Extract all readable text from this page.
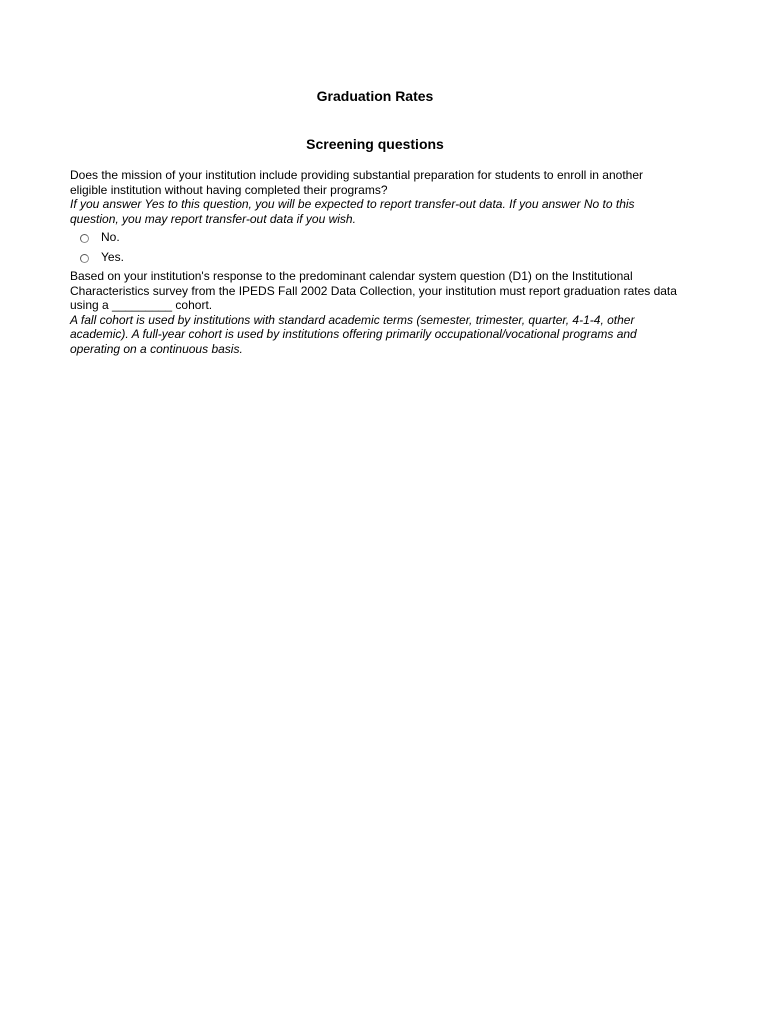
Graduation Rates
Screening questions

Does the mission of your institution include providing substantial preparation for students to enroll in another eligible institution without having completed their programs?

If you answer Yes to this question, you will be expected to report transfer-out data. If you answer No to this question, you may report transfer-out data if you wish.

No.
Yes.

Based on your institution's response to the predominant calendar system question (D1) on the Institutional Characteristics survey from the IPEDS Fall 2002 Data Collection, your institution must report graduation rates data using a _________ cohort.

A fall cohort is used by institutions with standard academic terms (semester, trimester, quarter, 4-1-4, other academic). A full-year cohort is used by institutions offering primarily occupational/vocational programs and operating on a continuous basis.
